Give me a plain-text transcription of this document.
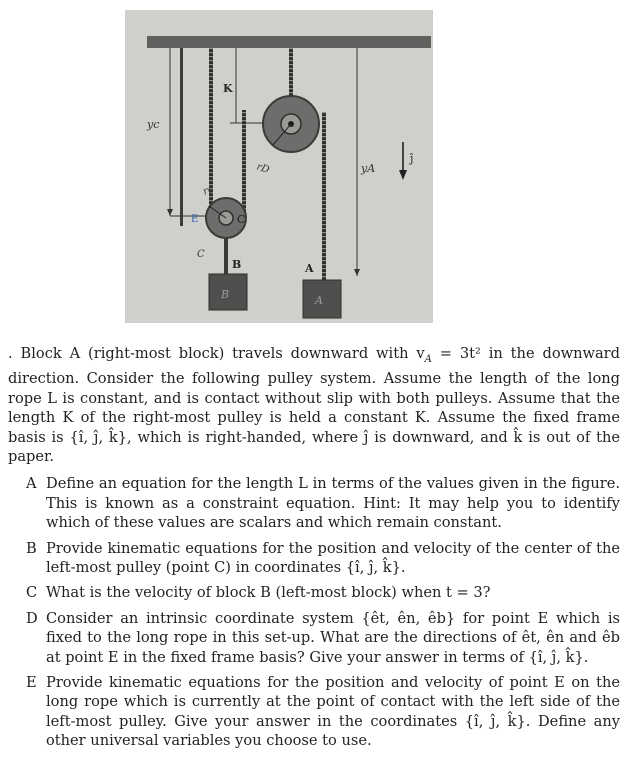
yc
K
rD
rc
E	C
C
B
B
A
A
yA
ĵ

. Block A (right-most block) travels downward with $v_A = 3t^2$ in the downward direction. Consider the following pulley system. Assume the length of the long rope L is constant, and is contact without slip with both pulleys. Assume that the length K of the right-most pulley is held a constant K. Assume the fixed frame basis is {î, ĵ, k̂}, which is right-handed, where ĵ is downward, and k̂ is out of the paper.

A Define an equation for the length L in terms of the values given in the figure. This is known as a constraint equation. Hint: It may help you to identify which of these values are scalars and which remain constant.
B Provide kinematic equations for the position and velocity of the center of the left-most pulley (point C) in coordinates {î, ĵ, k̂}.
C What is the velocity of block B (left-most block) when t = 3?
D Consider an intrinsic coordinate system {êt, ên, êb} for point E which is fixed to the long rope in this set-up. What are the directions of êt, ên and êb at point E in the fixed frame basis? Give your answer in terms of {î, ĵ, k̂}.
E Provide kinematic equations for the position and velocity of point E on the long rope which is currently at the point of contact with the left side of the left-most pulley. Give your answer in the coordinates {î, ĵ, k̂}. Define any other universal variables you choose to use.
